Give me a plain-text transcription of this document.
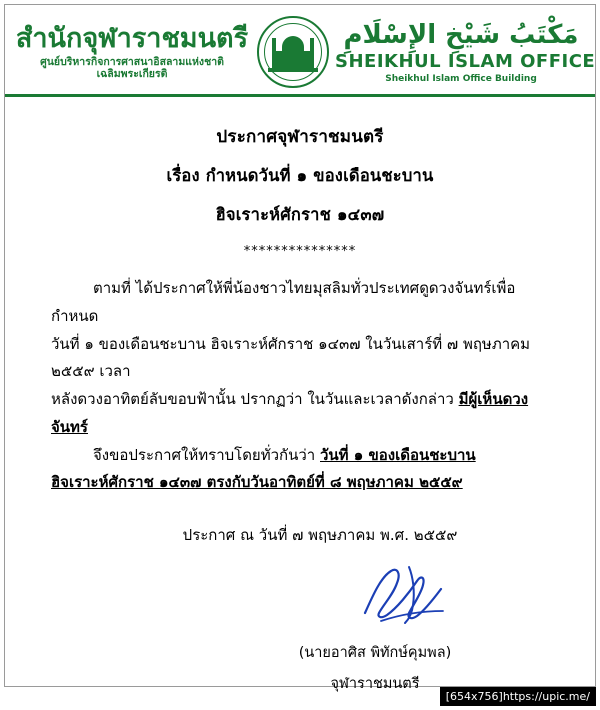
สำนักจุฬาราชมนตรี
ศูนย์บริหารกิจการศาสนาอิสลามแห่งชาติ
เฉลิมพระเกียรติ
مَكْتَبُ شَيْخِ الإِسْلَامِ
SHEIKHUL ISLAM OFFICE
Sheikhul Islam Office Building
ประกาศจุฬาราชมนตรี
เรื่อง กำหนดวันที่ ๑ ของเดือนชะบาน
ฮิจเราะห์ศักราช ๑๔๓๗
***************
ตามที่ ได้ประกาศให้พี่น้องชาวไทยมุสลิมทั่วประเทศดูดวงจันทร์เพื่อกำหนด
วันที่ ๑ ของเดือนชะบาน ฮิจเราะห์ศักราช ๑๔๓๗ ในวันเสาร์ที่ ๗ พฤษภาคม ๒๕๕๙ เวลา
หลังดวงอาทิตย์ลับขอบฟ้านั้น ปรากฏว่า ในวันและเวลาดังกล่าว มีผู้เห็นดวงจันทร์
จึงขอประกาศให้ทราบโดยทั่วกันว่า วันที่ ๑ ของเดือนชะบาน
ฮิจเราะห์ศักราช ๑๔๓๗ ตรงกับวันอาทิตย์ที่ ๘ พฤษภาคม ๒๕๕๙
ประกาศ ณ วันที่ ๗ พฤษภาคม พ.ศ. ๒๕๕๙
(นายอาศิส พิทักษ์คุมพล)
จุฬาราชมนตรี
[654x756]https://upic.me/
